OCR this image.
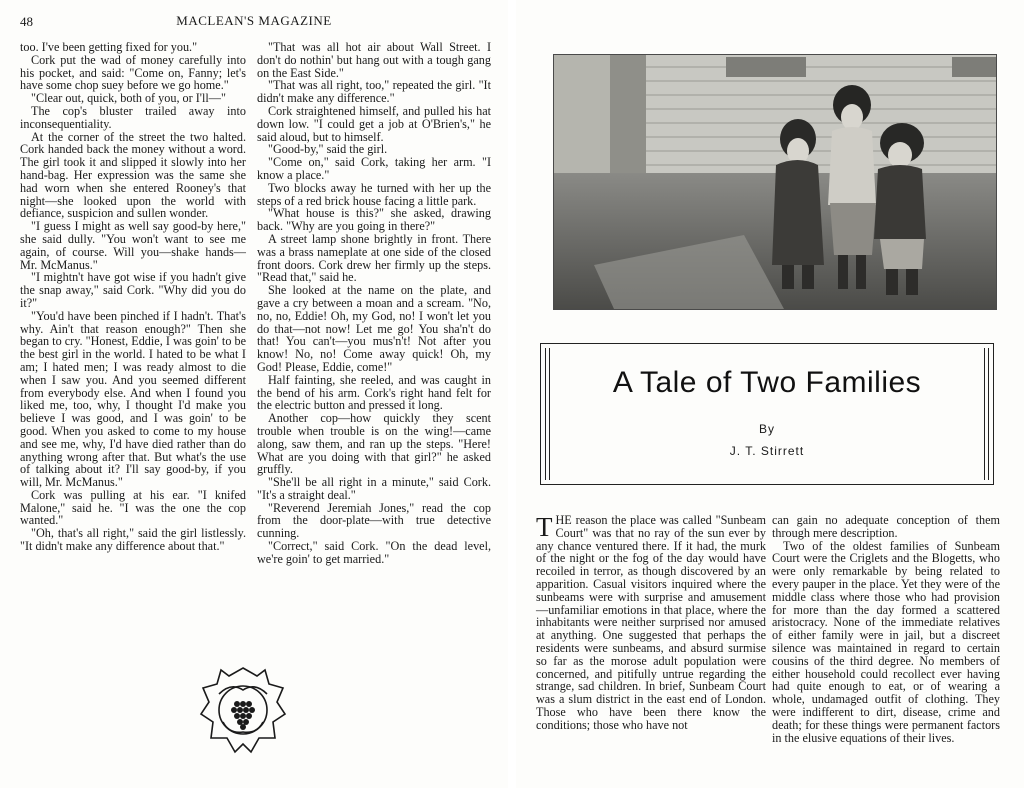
48	MACLEAN'S MAGAZINE

too. I've been getting fixed for you."

Cork put the wad of money carefully into his pocket, and said: "Come on, Fanny; let's have some chop suey before we go home."

"Clear out, quick, both of you, or I'll—"

The cop's bluster trailed away into inconsequentiality.

At the corner of the street the two halted. Cork handed back the money without a word. The girl took it and slipped it slowly into her hand-bag. Her expression was the same she had worn when she entered Rooney's that night—she looked upon the world with defiance, suspicion and sullen wonder.

"I guess I might as well say good-by here," she said dully. "You won't want to see me again, of course. Will you—shake hands—Mr. McManus."

"I mightn't have got wise if you hadn't give the snap away," said Cork. "Why did you do it?"

"You'd have been pinched if I hadn't. That's why. Ain't that reason enough?" Then she began to cry. "Honest, Eddie, I was goin' to be the best girl in the world. I hated to be what I am; I hated men; I was ready almost to die when I saw you. And you seemed different from everybody else. And when I found you liked me, too, why, I thought I'd make you believe I was good, and I was goin' to be good. When you asked to come to my house and see me, why, I'd have died rather than do anything wrong after that. But what's the use of talking about it? I'll say good-by, if you will, Mr. McManus."

Cork was pulling at his ear. "I knifed Malone," said he. "I was the one the cop wanted."

"Oh, that's all right," said the girl listlessly. "It didn't make any difference about that."

"That was all hot air about Wall Street. I don't do nothin' but hang out with a tough gang on the East Side."

"That was all right, too," repeated the girl. "It didn't make any difference."

Cork straightened himself, and pulled his hat down low. "I could get a job at O'Brien's," he said aloud, but to himself.

"Good-by," said the girl.

"Come on," said Cork, taking her arm. "I know a place."

Two blocks away he turned with her up the steps of a red brick house facing a little park.

"What house is this?" she asked, drawing back. "Why are you going in there?"

A street lamp shone brightly in front. There was a brass nameplate at one side of the closed front doors. Cork drew her firmly up the steps. "Read that," said he.

She looked at the name on the plate, and gave a cry between a moan and a scream. "No, no, no, Eddie! Oh, my God, no! I won't let you do that—not now! Let me go! You sha'n't do that! You can't—you mus'n't! Not after you know! No, no! Come away quick! Oh, my God! Please, Eddie, come!"

Half fainting, she reeled, and was caught in the bend of his arm. Cork's right hand felt for the electric button and pressed it long.

Another cop—how quickly they scent trouble when trouble is on the wing!—came along, saw them, and ran up the steps. "Here! What are you doing with that girl?" he asked gruffly.

"She'll be all right in a minute," said Cork. "It's a straight deal."

"Reverend Jeremiah Jones," read the cop from the door-plate—with true detective cunning.

"Correct," said Cork. "On the dead level, we're goin' to get married."

A Tale of Two Families
By
J. T. Stirrett

THE reason the place was called "Sunbeam Court" was that no ray of the sun ever by any chance ventured there. If it had, the murk of the night or the fog of the day would have recoiled in terror, as though discovered by an apparition. Casual visitors inquired where the sunbeams were with surprise and amusement—unfamiliar emotions in that place, where the inhabitants were neither surprised nor amused at anything. One suggested that perhaps the residents were sunbeams, and absurd surmise so far as the morose adult population were concerned, and pitifully untrue regarding the strange, sad children. In brief, Sunbeam Court was a slum district in the east end of London. Those who have been there know the conditions; those who have not

can gain no adequate conception of them through mere description.

Two of the oldest families of Sunbeam Court were the Criglets and the Blogetts, who were only remarkable by being related to every pauper in the place. Yet they were of the middle class where those who had provision for more than the day formed a scattered aristocracy. None of the immediate relatives of either family were in jail, but a discreet silence was maintained in regard to certain cousins of the third degree. No members of either household could recollect ever having had quite enough to eat, or of wearing a whole, undamaged outfit of clothing. They were indifferent to dirt, disease, crime and death; for these things were permanent factors in the elusive equations of their lives.
